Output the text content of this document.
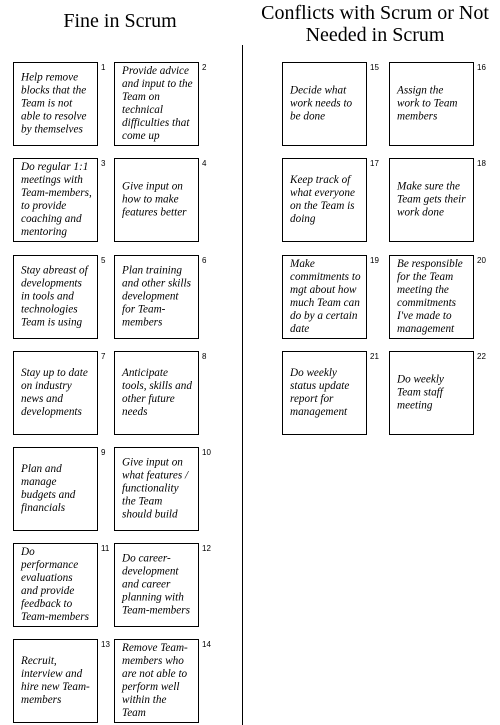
Fine in Scrum	Conflicts with Scrum or Not Needed in Scrum
Help remove blocks that the Team is not able to resolve by themselves
1 Provide advice and input to the Team on technical difficulties that come up
2
Do regular 1:1 meetings with Team-members, to provide coaching and mentoring
3
Give input on how to make features better
4
Stay abreast of developments in tools and technologies Team is using
5
Plan training and other skills development for Team-members
6
Stay up to date on industry news and developments
7
Anticipate tools, skills and other future needs
8
Plan and manage budgets and financials
9
Give input on what features / functionality the Team should build
10
Do performance evaluations and provide feedback to Team-members
11
Do career-development and career planning with Team-members
12
Recruit, interview and hire new Team-members
13 Remove Team-members who are not able to perform well within the Team
14
Decide what work needs to be done
15
Assign the work to Team members
16
Keep track of what everyone on the Team is doing
17
Make sure the Team gets their work done
18
Make commitments to mgt about how much Team can do by a certain date
19 Be responsible for the Team meeting the commitments I've made to management
20
Do weekly status update report for management
21
Do weekly Team staff meeting
22
